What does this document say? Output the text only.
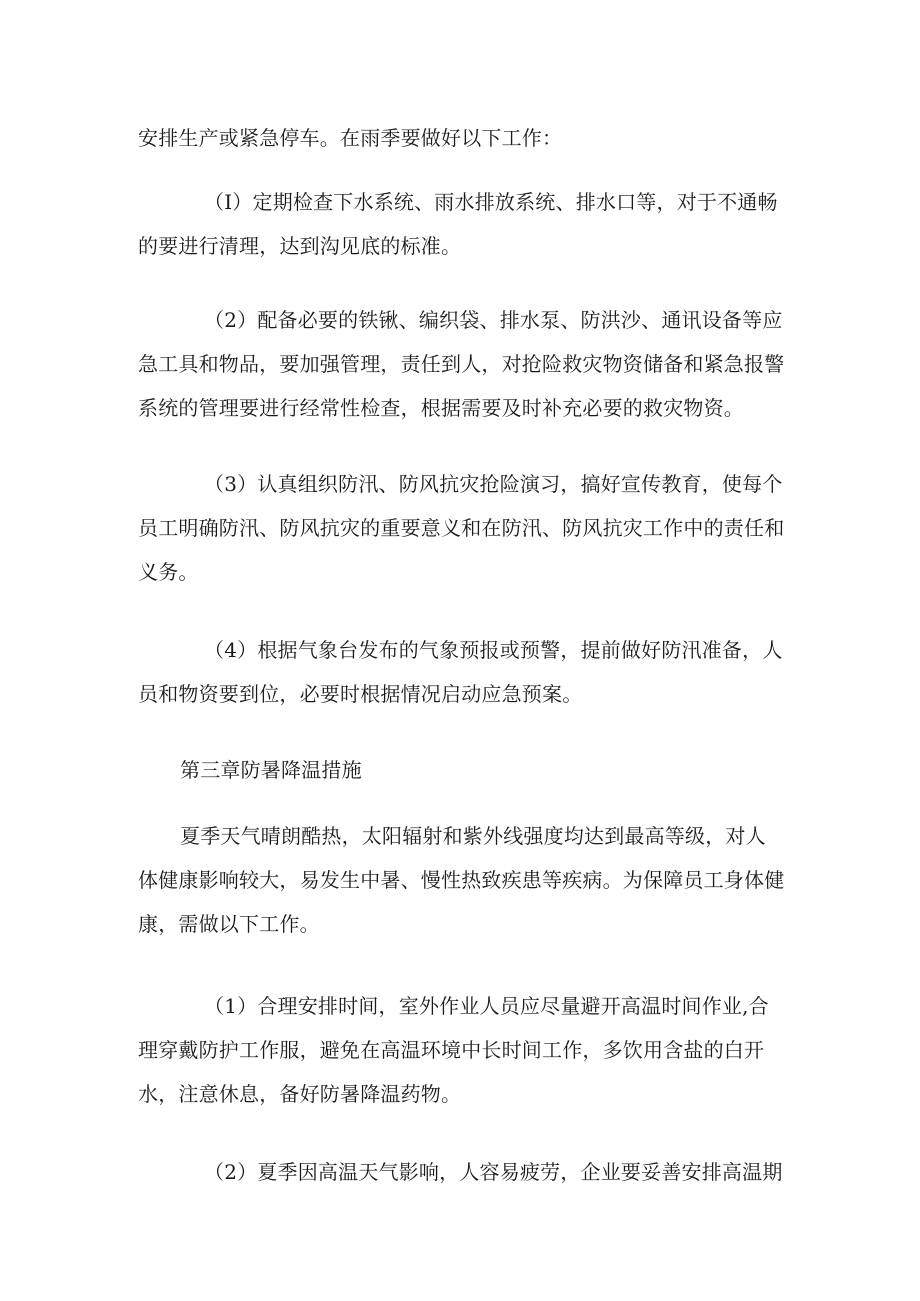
安排生产或紧急停车。在雨季要做好以下工作：

（I）定期检查下水系统、雨水排放系统、排水口等，对于不通畅
的要进行清理，达到沟见底的标准。

（2）配备必要的铁锹、编织袋、排水泵、防洪沙、通讯设备等应
急工具和物品，要加强管理，责任到人，对抢险救灾物资储备和紧急报警
系统的管理要进行经常性检查，根据需要及时补充必要的救灾物资。

（3）认真组织防汛、防风抗灾抢险演习，搞好宣传教育，使每个
员工明确防汛、防风抗灾的重要意义和在防汛、防风抗灾工作中的责任和
义务。

（4）根据气象台发布的气象预报或预警，提前做好防汛准备，人
员和物资要到位，必要时根据情况启动应急预案。

第三章防暑降温措施

夏季天气晴朗酷热，太阳辐射和紫外线强度均达到最高等级，对人
体健康影响较大，易发生中暑、慢性热致疾患等疾病。为保障员工身体健
康，需做以下工作。

（1）合理安排时间，室外作业人员应尽量避开高温时间作业,合
理穿戴防护工作服，避免在高温环境中长时间工作，多饮用含盐的白开
水，注意休息，备好防暑降温药物。

（2）夏季因高温天气影响，人容易疲劳，企业要妥善安排高温期
